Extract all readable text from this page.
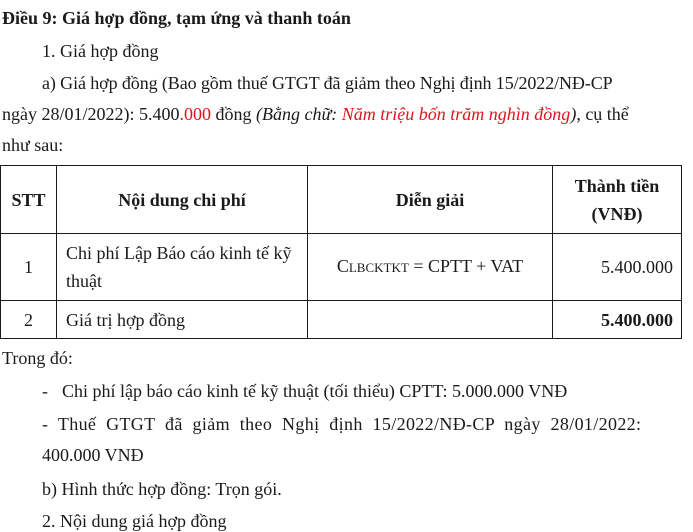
Điều 9: Giá hợp đồng, tạm ứng và thanh toán
1. Giá hợp đồng
a) Giá hợp đồng (Bao gồm thuế GTGT đã giảm theo Nghị định 15/2022/NĐ-CP
ngày 28/01/2022): 5.400.000 đồng (Bằng chữ: Năm triệu bốn trăm nghìn đồng), cụ thể
như sau:
STT	Nội dung chi phí	Diễn giải	Thành tiền
(VNĐ)

1	Chi phí Lập Báo cáo kinh tế kỹ
thuật	CLBCKTKT = CPTT + VAT	5.400.000
2	Giá trị hợp đồng		5.400.000
Trong đó:
- Chi phí lập báo cáo kinh tế kỹ thuật (tối thiểu) CPTT: 5.000.000 VNĐ
- Thuế GTGT đã giảm theo Nghị định 15/2022/NĐ-CP ngày 28/01/2022:
400.000 VNĐ
b) Hình thức hợp đồng: Trọn gói.
2. Nội dung giá hợp đồng
